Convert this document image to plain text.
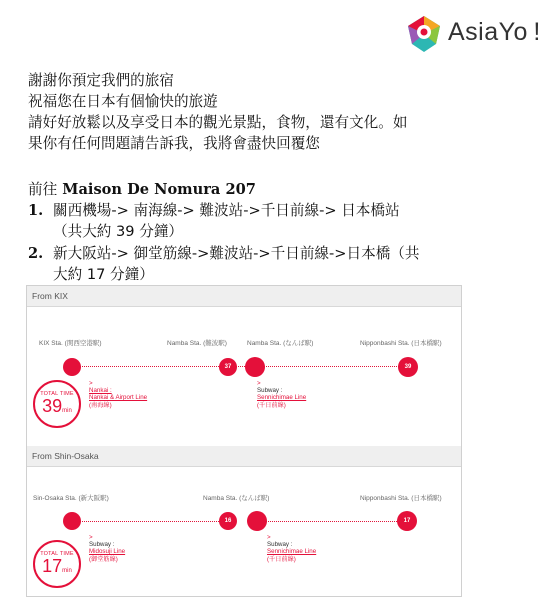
AsiaYo !
謝謝你預定我們的旅宿
祝福您在日本有個愉快的旅遊
請好好放鬆以及享受日本的觀光景點，食物，還有文化。如
果你有任何問題請告訴我，我將會盡快回覆您
前往 Maison De Nomura 207
1. 關西機場-> 南海線-> 難波站->千日前線-> 日本橋站
（共大約 39 分鐘）
2. 新大阪站-> 御堂筋線->難波站->千日前線->日本橋（共
大約 17 分鐘）
From KIX
KIX Sta. (関西空港駅)	Namba Sta. (難波駅)	Namba Sta. (なんば駅)	Nipponbashi Sta. (日本橋駅)
37	39
TOTAL TIME
39min
>
Nankai :
Nankai & Airport Line
(南海線)
>
Subway :
Sennichimae Line
(千日前線)
From Shin-Osaka
Sin-Osaka Sta. (新大阪駅)	Namba Sta. (なんば駅)	Nipponbashi Sta. (日本橋駅)
16	17
TOTAL TIME
17min
>
Subway :
Midosuji Line
(御堂筋線)
>
Subway :
Sennichimae Line
(千日前線)
